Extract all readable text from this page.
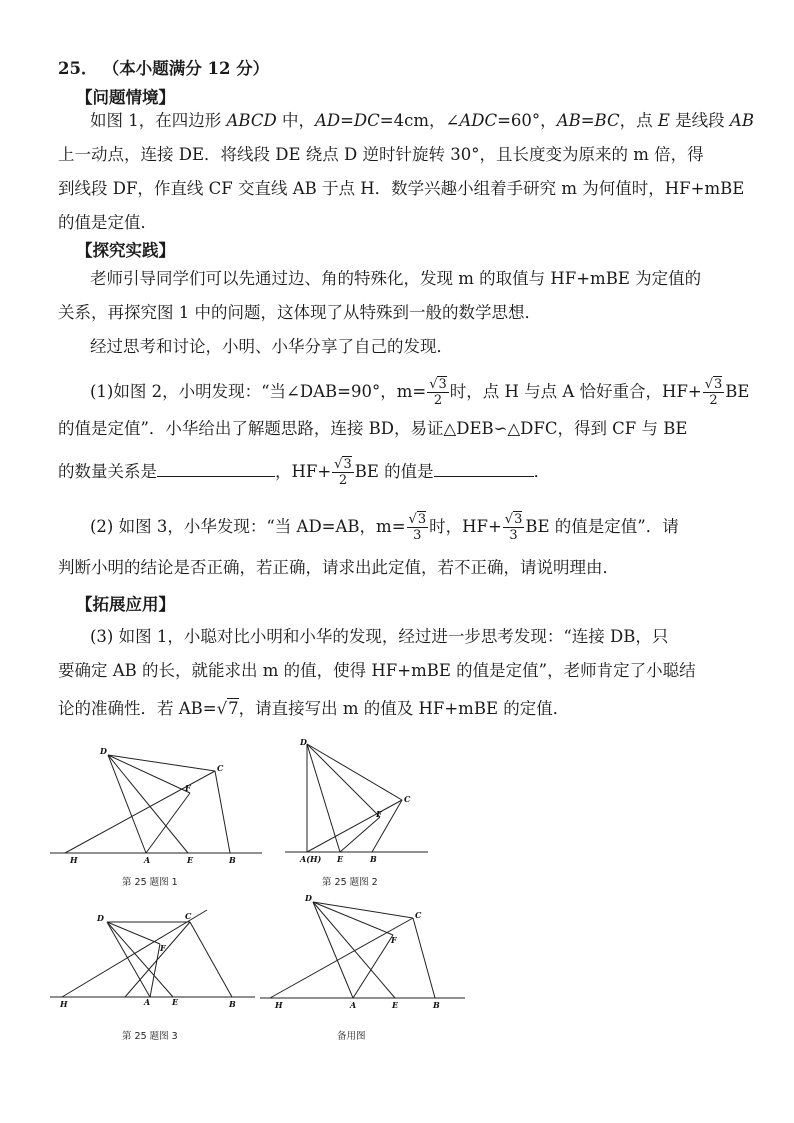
25． （本小题满分 12 分）
【问题情境】
如图 1，在四边形 ABCD 中，AD=DC=4cm，∠ADC=60°，AB=BC，点 E 是线段 AB
上一动点，连接 DE．将线段 DE 绕点 D 逆时针旋转 30°，且长度变为原来的 m 倍，得
到线段 DF，作直线 CF 交直线 AB 于点 H．数学兴趣小组着手研究 m 为何值时，HF+mBE
的值是定值．
【探究实践】
老师引导同学们可以先通过边、角的特殊化，发现 m 的取值与 HF+mBE 为定值的
关系，再探究图 1 中的问题，这体现了从特殊到一般的数学思想．
经过思考和讨论，小明、小华分享了自己的发现．
(1)如图 2，小明发现：“当∠DAB=90°，$m= \frac{√3}{2}$ 时，点 H 与点 A 恰好重合，$HF+ \frac{√3}{2}$ BE
的值是定值”．小华给出了解题思路，连接 BD，易证△DEB∽△DFC，得到 CF 与 BE
的数量关系是	，$HF+ \frac{√3}{2}$ BE 的值是	．
(2) 如图 3，小华发现：“当 AD=AB，$m= \frac{√3}{3}$ 时，$HF+ \frac{√3}{3}$ BE 的值是定值”．请
判断小明的结论是否正确，若正确，请求出此定值，若不正确，请说明理由．
【拓展应用】
(3) 如图 1，小聪对比小明和小华的发现，经过进一步思考发现：“连接 DB，只
要确定 AB 的长，就能求出 m 的值，使得 HF+mBE 的值是定值”，老师肯定了小聪结
论的准确性．若 AB=√7，请直接写出 m 的值及 HF+mBE 的定值．
D
C
F
H	A	E	B
第 25 题图 1
D
C
F
A(H) E	B
第 25 题图 2
D	C
F
H	A	E	B
第 25 题图 3
D
C
F
H	A	E	B
备用图
